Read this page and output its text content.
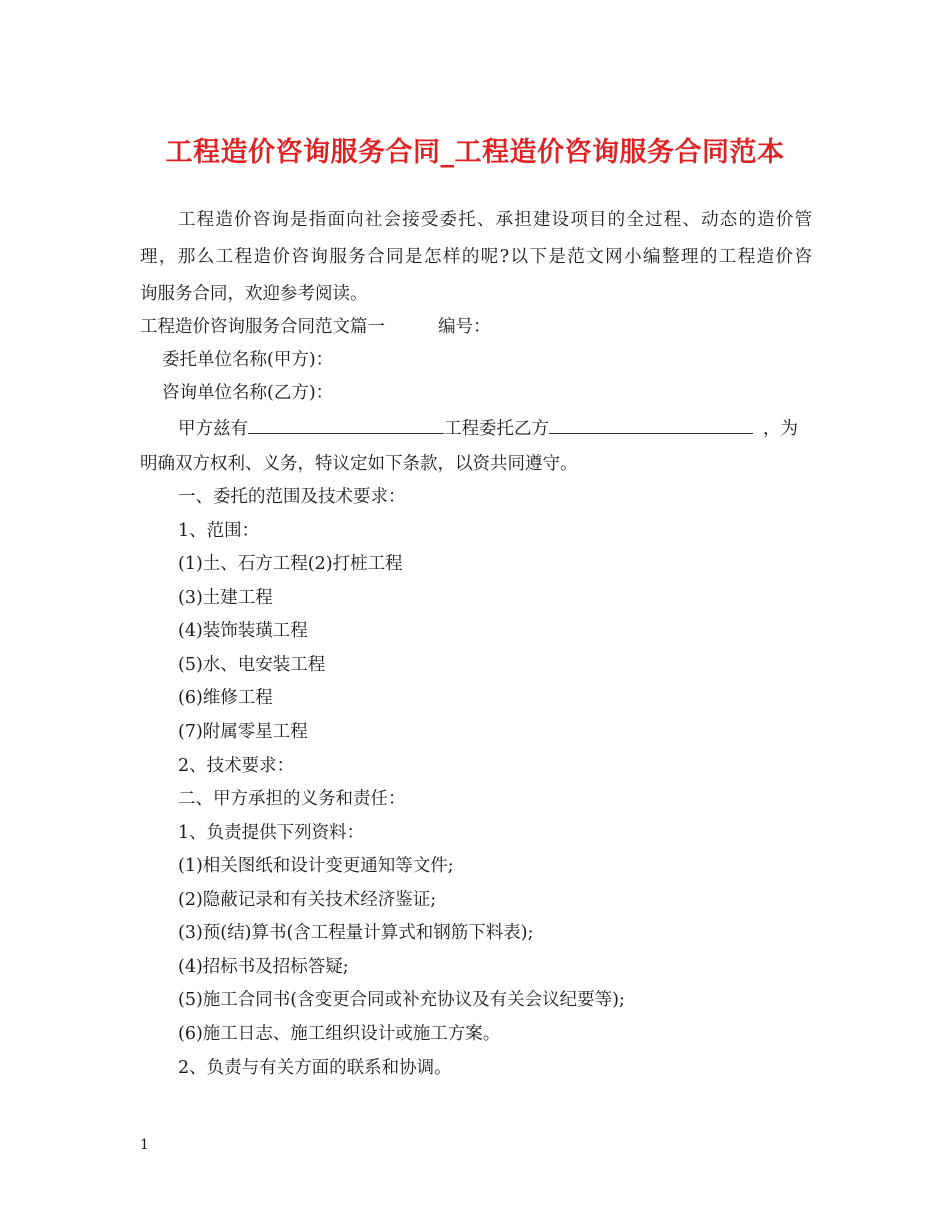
工程造价咨询服务合同_工程造价咨询服务合同范本
工程造价咨询是指面向社会接受委托、承担建设项目的全过程、动态的造价管
理，那么工程造价咨询服务合同是怎样的呢?以下是范文网小编整理的工程造价咨
询服务合同，欢迎参考阅读。
工程造价咨询服务合同范文篇一	编号：
委托单位名称(甲方)：
咨询单位名称(乙方)：
甲方兹有	工程委托乙方	，为
明确双方权利、义务，特议定如下条款，以资共同遵守。
一、委托的范围及技术要求：
1、范围：
(1)土、石方工程(2)打桩工程
(3)土建工程
(4)装饰装璜工程
(5)水、电安装工程
(6)维修工程
(7)附属零星工程
2、技术要求：
二、甲方承担的义务和责任：
1、负责提供下列资料：
(1)相关图纸和设计变更通知等文件;
(2)隐蔽记录和有关技术经济鉴证;
(3)预(结)算书(含工程量计算式和钢筋下料表);
(4)招标书及招标答疑;
(5)施工合同书(含变更合同或补充协议及有关会议纪要等);
(6)施工日志、施工组织设计或施工方案。
2、负责与有关方面的联系和协调。
1
